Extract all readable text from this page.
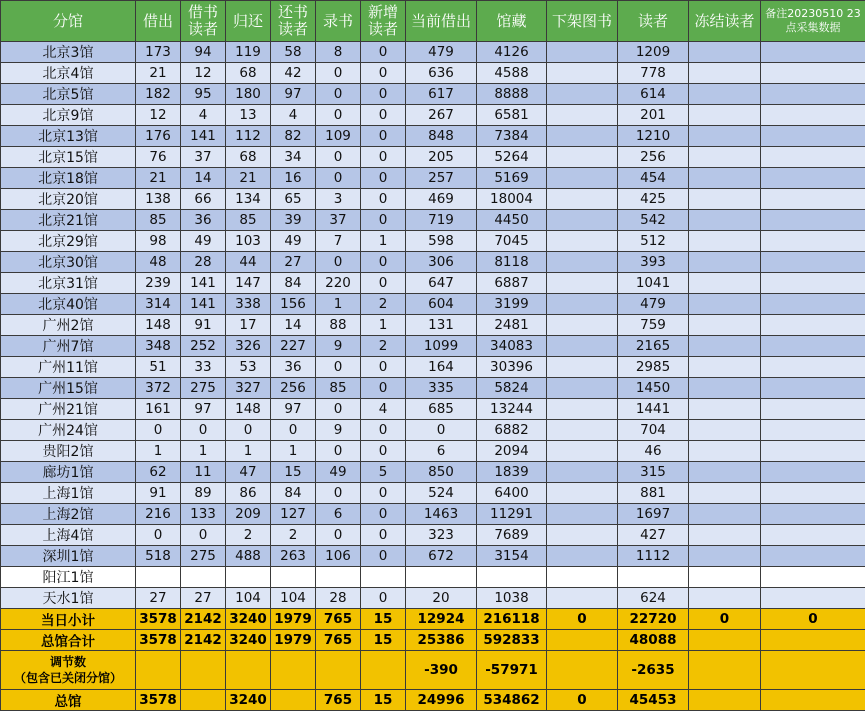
分馆	借出	借书读者	归还	还书读者	录书	新增读者	当前借出	馆藏	下架图书	读者	冻结读者	备注20230510 23点采集数据
北京3馆	173	94	119	58	8	0	479	4126		1209		
北京4馆	21	12	68	42	0	0	636	4588		778		
北京5馆	182	95	180	97	0	0	617	8888		614		
北京9馆	12	4	13	4	0	0	267	6581		201		
北京13馆	176	141	112	82	109	0	848	7384		1210		
北京15馆	76	37	68	34	0	0	205	5264		256		
北京18馆	21	14	21	16	0	0	257	5169		454		
北京20馆	138	66	134	65	3	0	469	18004		425		
北京21馆	85	36	85	39	37	0	719	4450		542		
北京29馆	98	49	103	49	7	1	598	7045		512		
北京30馆	48	28	44	27	0	0	306	8118		393		
北京31馆	239	141	147	84	220	0	647	6887		1041		
北京40馆	314	141	338	156	1	2	604	3199		479		
广州2馆	148	91	17	14	88	1	131	2481		759		
广州7馆	348	252	326	227	9	2	1099	34083		2165		
广州11馆	51	33	53	36	0	0	164	30396		2985		
广州15馆	372	275	327	256	85	0	335	5824		1450		
广州21馆	161	97	148	97	0	4	685	13244		1441		
广州24馆	0	0	0	0	9	0	0	6882		704		
贵阳2馆	1	1	1	1	0	0	6	2094		46		
廊坊1馆	62	11	47	15	49	5	850	1839		315		
上海1馆	91	89	86	84	0	0	524	6400		881		
上海2馆	216	133	209	127	6	0	1463	11291		1697		
上海4馆	0	0	2	2	0	0	323	7689		427		
深圳1馆	518	275	488	263	106	0	672	3154		1112		
阳江1馆												
天水1馆	27	27	104	104	28	0	20	1038		624		
当日小计	3578	2142	3240	1979	765	15	12924	216118	0	22720	0	0
总馆合计	3578	2142	3240	1979	765	15	25386	592833		48088		

调节数
（包含已关闭分馆）							-390	-57971		-2635		
总馆	3578		3240		765	15	24996	534862	0	45453		
